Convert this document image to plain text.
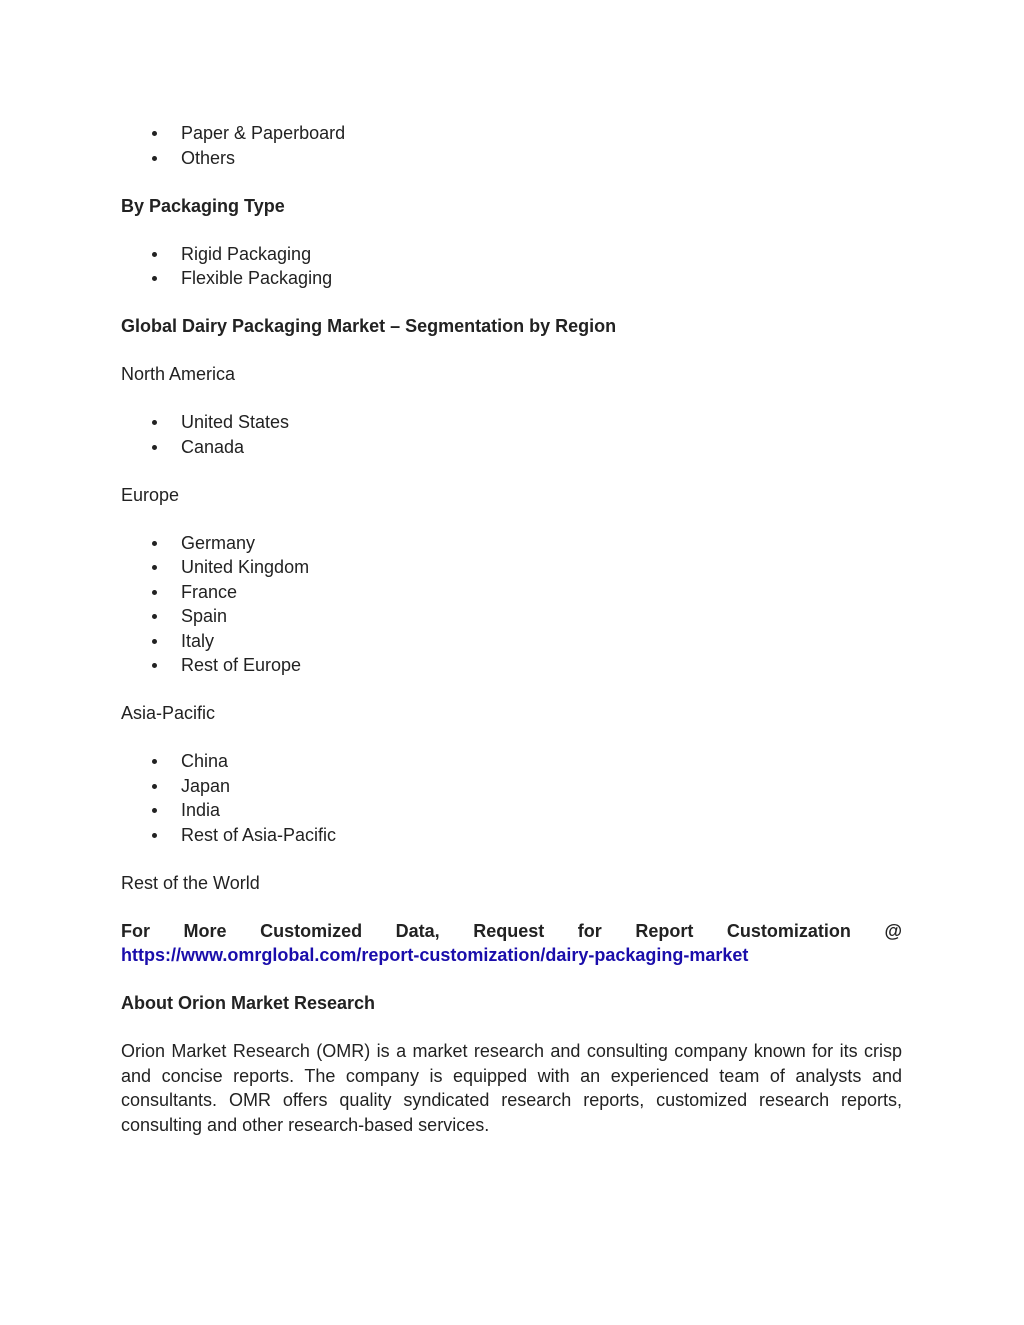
Paper & Paperboard
Others

By Packaging Type

Rigid Packaging
Flexible Packaging

Global Dairy Packaging Market – Segmentation by Region

North America

United States
Canada

Europe

Germany
United Kingdom
France
Spain
Italy
Rest of Europe

Asia-Pacific

China
Japan
India
Rest of Asia-Pacific

Rest of the World

For More Customized Data, Request for Report Customization @

https://www.omrglobal.com/report-customization/dairy-packaging-market

About Orion Market Research

Orion Market Research (OMR) is a market research and consulting company known for its crisp and concise reports. The company is equipped with an experienced team of analysts and consultants. OMR offers quality syndicated research reports, customized research reports, consulting and other research-based services.
